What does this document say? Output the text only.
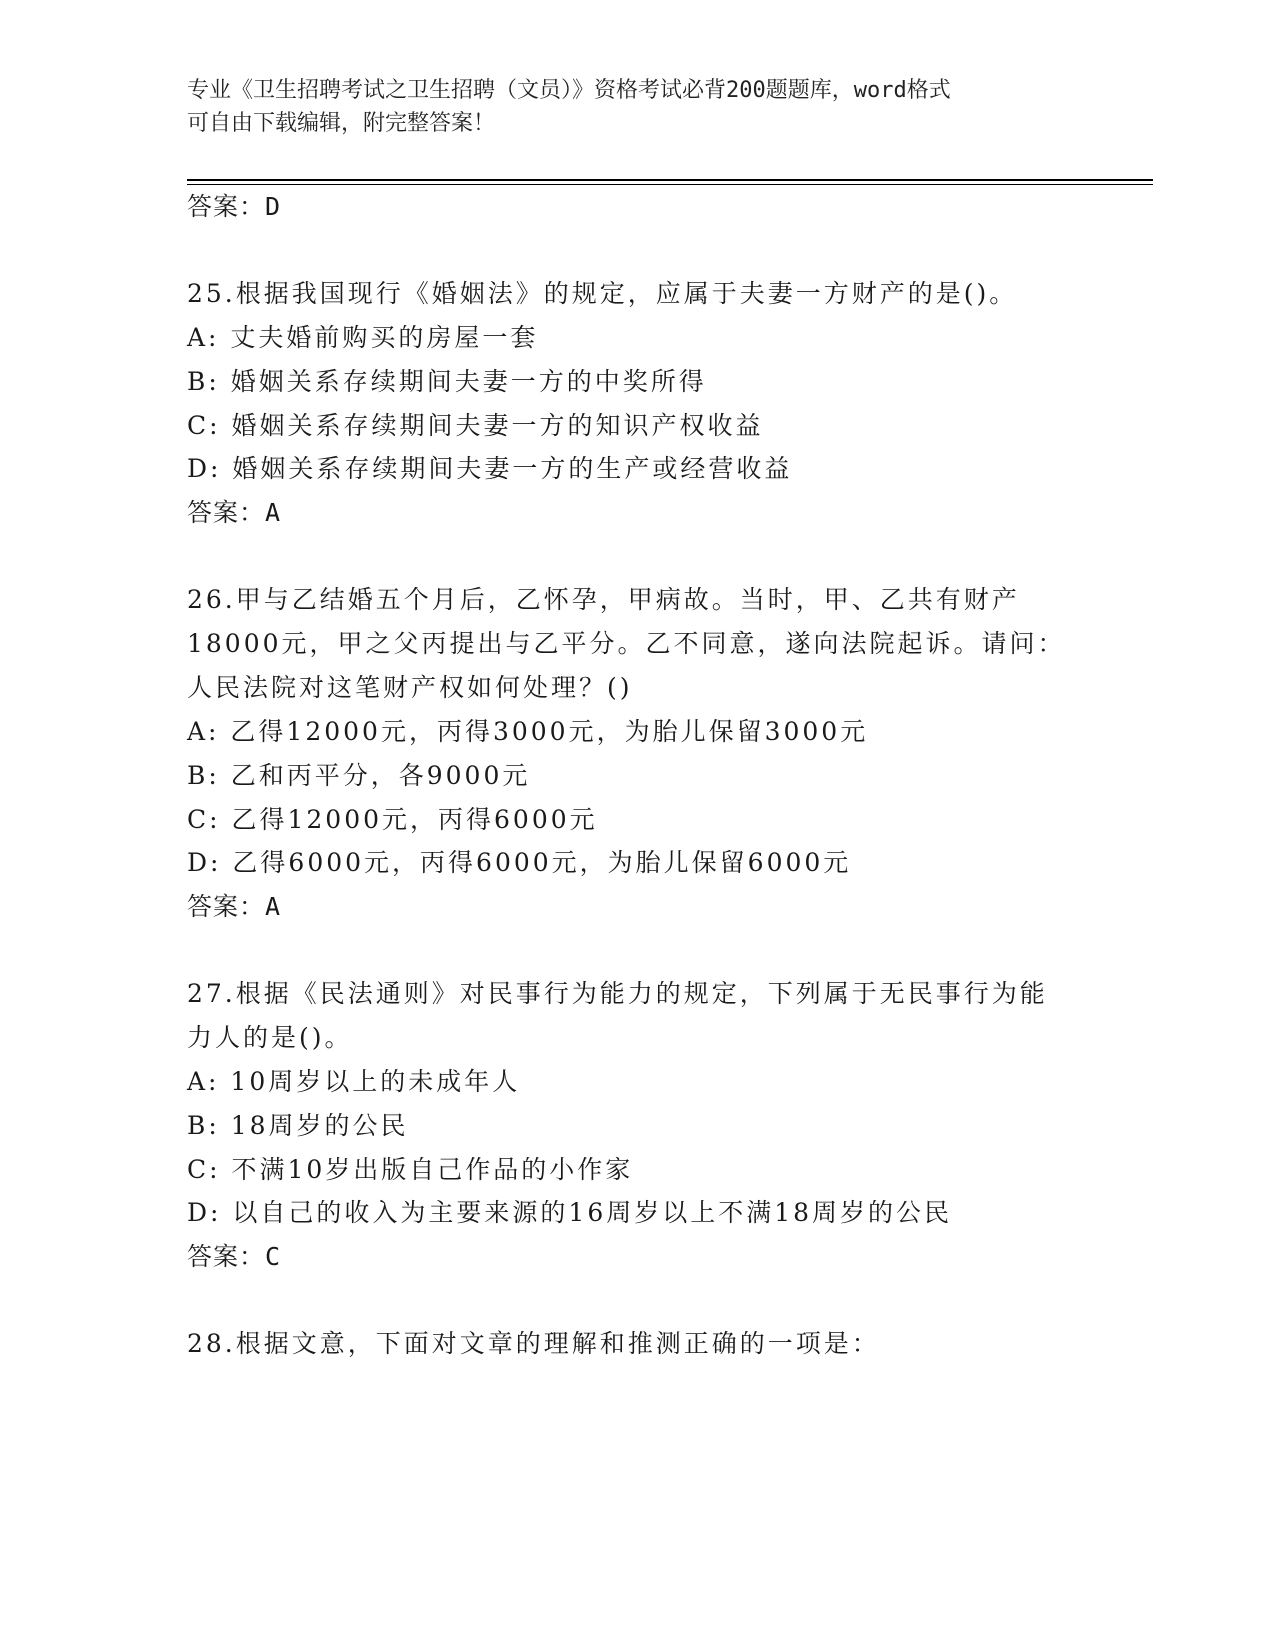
专业《卫生招聘考试之卫生招聘（文员）》资格考试必背200题题库，word格式
可自由下载编辑，附完整答案！
答案：D
25.根据我国现行《婚姻法》的规定，应属于夫妻一方财产的是()。
A: 丈夫婚前购买的房屋一套
B: 婚姻关系存续期间夫妻一方的中奖所得
C: 婚姻关系存续期间夫妻一方的知识产权收益
D: 婚姻关系存续期间夫妻一方的生产或经营收益
答案：A
26.甲与乙结婚五个月后，乙怀孕，甲病故。当时，甲、乙共有财产
18000元，甲之父丙提出与乙平分。乙不同意，遂向法院起诉。请问：
人民法院对这笔财产权如何处理？()
A: 乙得12000元，丙得3000元，为胎儿保留3000元
B: 乙和丙平分，各9000元
C: 乙得12000元，丙得6000元
D: 乙得6000元，丙得6000元，为胎儿保留6000元
答案：A
27.根据《民法通则》对民事行为能力的规定，下列属于无民事行为能
力人的是()。
A: 10周岁以上的未成年人
B: 18周岁的公民
C: 不满10岁出版自己作品的小作家
D: 以自己的收入为主要来源的16周岁以上不满18周岁的公民
答案：C
28.根据文意，下面对文章的理解和推测正确的一项是：
